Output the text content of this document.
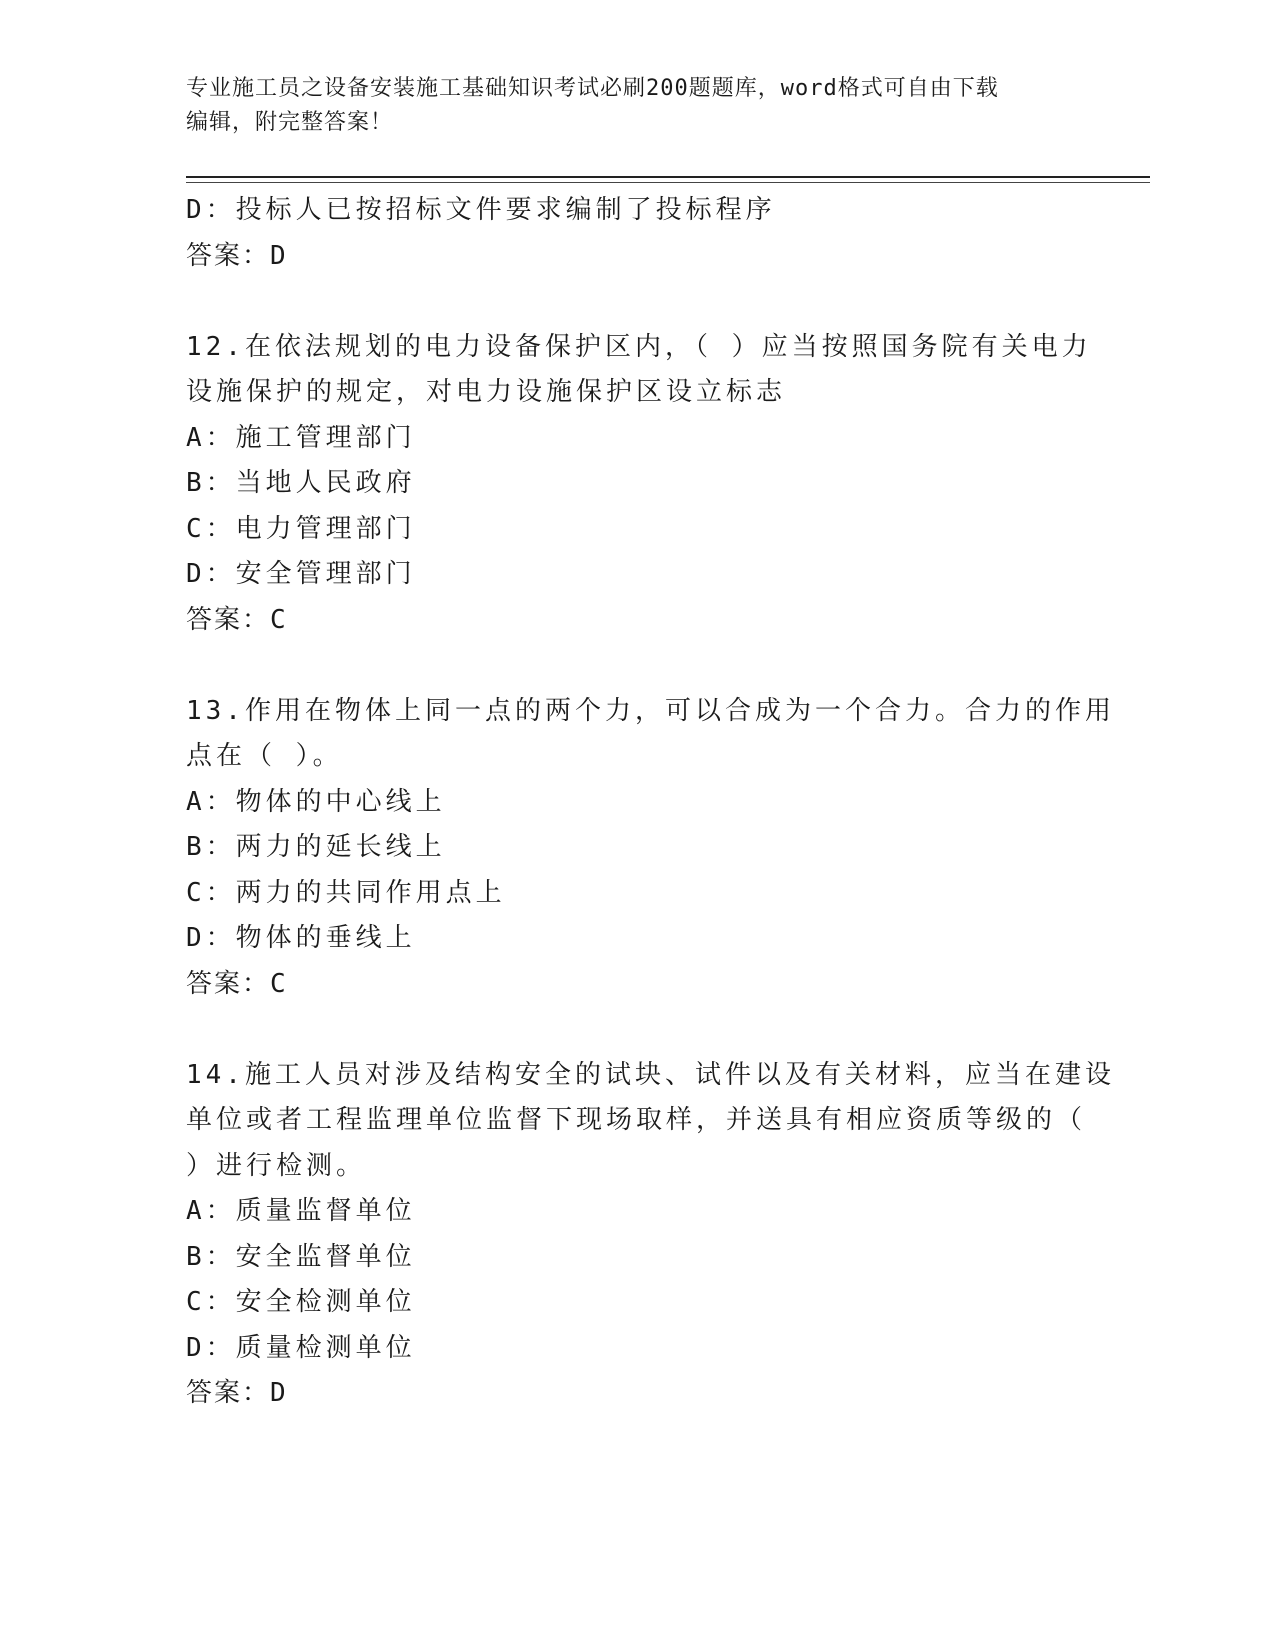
专业施工员之设备安装施工基础知识考试必刷200题题库，word格式可自由下载
编辑，附完整答案！
D：投标人已按招标文件要求编制了投标程序
答案：D
12.在依法规划的电力设备保护区内，（ ）应当按照国务院有关电力
设施保护的规定，对电力设施保护区设立标志
A：施工管理部门
B：当地人民政府
C：电力管理部门
D：安全管理部门
答案：C
13.作用在物体上同一点的两个力，可以合成为一个合力。合力的作用
点在（ ）。
A：物体的中心线上
B：两力的延长线上
C：两力的共同作用点上
D：物体的垂线上
答案：C
14.施工人员对涉及结构安全的试块、试件以及有关材料，应当在建设
单位或者工程监理单位监督下现场取样，并送具有相应资质等级的（
）进行检测。
A：质量监督单位
B：安全监督单位
C：安全检测单位
D：质量检测单位
答案：D
